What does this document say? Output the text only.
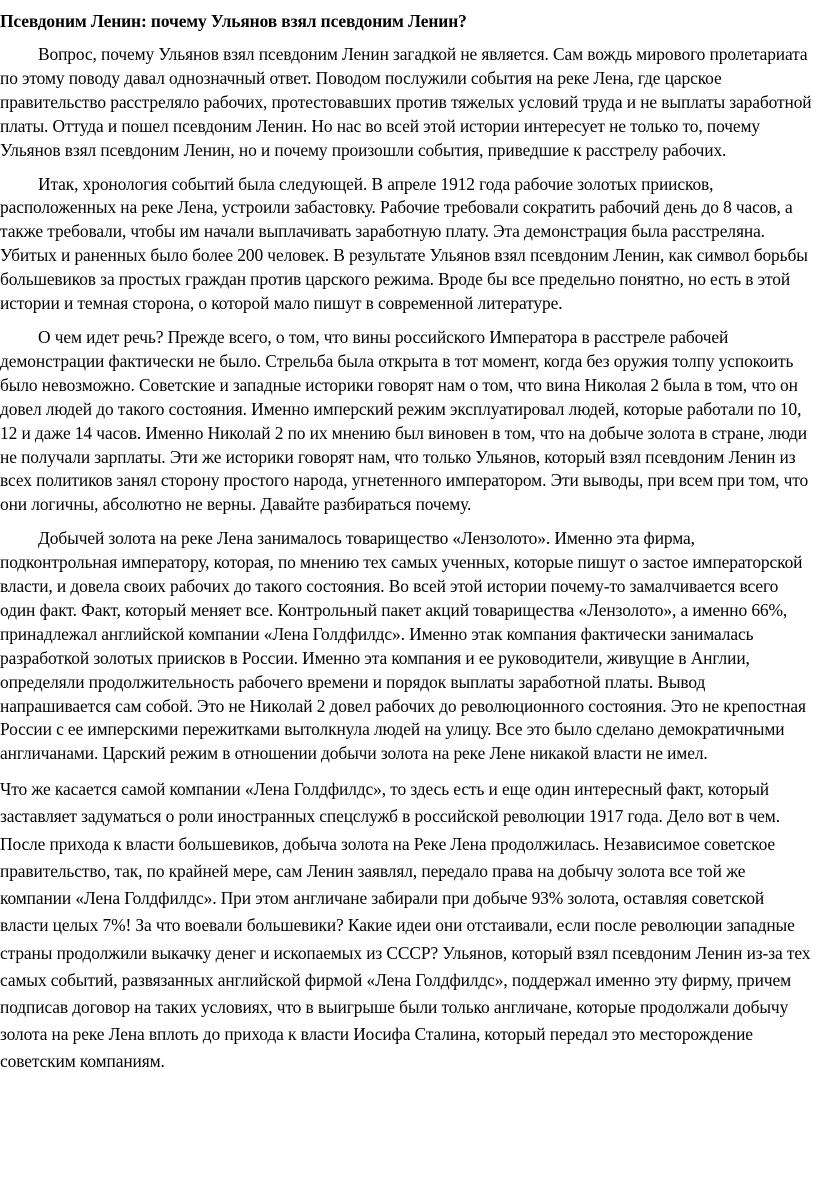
Псевдоним Ленин: почему Ульянов взял псевдоним Ленин?

Вопрос, почему Ульянов взял псевдоним Ленин загадкой не является. Сам вождь мирового пролетариата по этому поводу давал однозначный ответ. Поводом послужили события на реке Лена, где царское правительство расстреляло рабочих, протестовавших против тяжелых условий труда и не выплаты заработной платы. Оттуда и пошел псевдоним Ленин. Но нас во всей этой истории интересует не только то, почему Ульянов взял псевдоним Ленин, но и почему произошли события, приведшие к расстрелу рабочих.

Итак, хронология событий была следующей. В апреле 1912 года рабочие золотых приисков, расположенных на реке Лена, устроили забастовку. Рабочие требовали сократить рабочий день до 8 часов, а также требовали, чтобы им начали выплачивать заработную плату. Эта демонстрация была расстреляна. Убитых и раненных было более 200 человек. В результате Ульянов взял псевдоним Ленин, как символ борьбы большевиков за простых граждан против царского режима. Вроде бы все предельно понятно, но есть в этой истории и темная сторона, о которой мало пишут в современной литературе.

О чем идет речь? Прежде всего, о том, что вины российского Императора в расстреле рабочей демонстрации фактически не было. Стрельба была открыта в тот момент, когда без оружия толпу успокоить было невозможно. Советские и западные историки говорят нам о том, что вина Николая 2 была в том, что он довел людей до такого состояния. Именно имперский режим эксплуатировал людей, которые работали по 10, 12 и даже 14 часов. Именно Николай 2 по их мнению был виновен в том, что на добыче золота в стране, люди не получали зарплаты. Эти же историки говорят нам, что только Ульянов, который взял псевдоним Ленин из всех политиков занял сторону простого народа, угнетенного императором. Эти выводы, при всем при том, что они логичны, абсолютно не верны. Давайте разбираться почему.

Добычей золота на реке Лена занималось товарищество «Лензолото». Именно эта фирма, подконтрольная императору, которая, по мнению тех самых ученных, которые пишут о застое императорской власти, и довела своих рабочих до такого состояния. Во всей этой истории почему-то замалчивается всего один факт. Факт, который меняет все. Контрольный пакет акций товарищества «Лензолото», а именно 66%, принадлежал английской компании «Лена Голдфилдс». Именно этак компания фактически занималась разработкой золотых приисков в России. Именно эта компания и ее руководители, живущие в Англии, определяли продолжительность рабочего времени и порядок выплаты заработной платы. Вывод напрашивается сам собой. Это не Николай 2 довел рабочих до революционного состояния. Это не крепостная России с ее имперскими пережитками вытолкнула людей на улицу. Все это было сделано демократичными англичанами. Царский режим в отношении добычи золота на реке Лене никакой власти не имел.

Что же касается самой компании «Лена Голдфилдс», то здесь есть и еще один интересный факт, который заставляет задуматься о роли иностранных спецслужб в российской революции 1917 года. Дело вот в чем. После прихода к власти большевиков, добыча золота на Реке Лена продолжилась. Независимое советское правительство, так, по крайней мере, сам Ленин заявлял, передало права на добычу золота все той же компании «Лена Голдфилдс». При этом англичане забирали при добыче 93% золота, оставляя советской власти целых 7%! За что воевали большевики? Какие идеи они отстаивали, если после революции западные страны продолжили выкачку денег и ископаемых из СССР? Ульянов, который взял псевдоним Ленин из-за тех самых событий, развязанных английской фирмой «Лена Голдфилдс», поддержал именно эту фирму, причем подписав договор на таких условиях, что в выигрыше были только англичане, которые продолжали добычу золота на реке Лена вплоть до прихода к власти Иосифа Сталина, который передал это месторождение советским компаниям.
